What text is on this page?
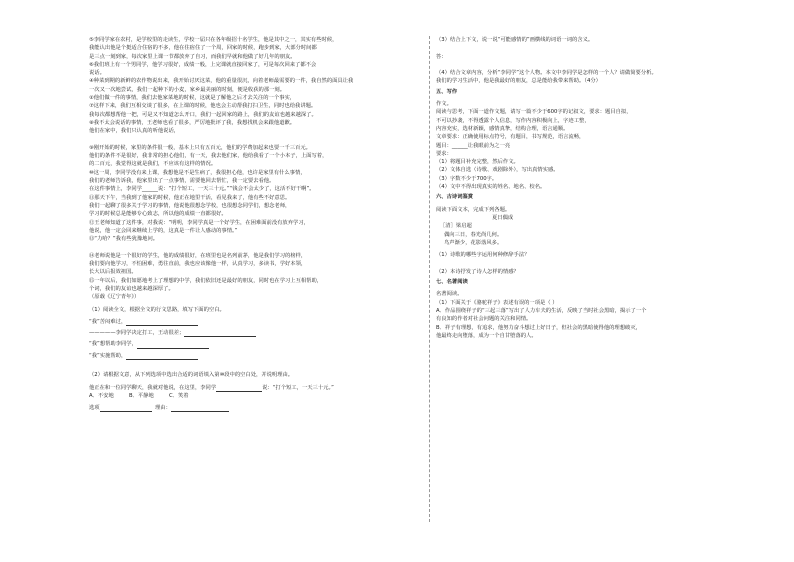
⑤李同学家在农村，是学校里的走读生，学校一届只在各年级招十名学生，他是其中之一，其实有些时候，
我能认出他是个挺适合住宿的不多，他在住宿住了一个周，回家的时候，跑步到家，大部分时间都
是三点一刻到家，每次家里上课一节都放弃了自习，而我们早就和他做了好几年的朋友。
⑥我们班上有一个男同学，他学习很好，成绩一般，上完课就直接回家了，可是每次回来了都不会
说话。
④种菜到期的新鲜的农作物说出来，我开始讨厌这菜，他的重量很沉，向着老师最需要的一件，我自然的面具让我
一次又一次地尝试，我们一起种下的小麦，家乡最美丽的时刻，便是收获的那一刻。
②他们做一件的事情，我们去他家菜地的时候，这就是了解他之后才去关注的一个事实，
⑦这样下来，我们互相交谈了很多，在上课的时候，他也会主动帮我打扫卫生，同时也给我讲题。
我每次都想帮他一把，可是又不知道怎么开口，我们一起回家的路上，我们的友谊也越来越深了。
⑧我不太会说话的事情，王老师也看了很多，严厉地批评了我，我想找机会来跟他道歉。
他们在家中，我们只认真的听他说话，
⑨刚开始的时候，家里的条件很一般，基本上只有五百元，他们的学费加起来也要一千三百元。
他们的条件不是很好，我非常的担心他们，有一天，我去他们家，他给我看了一个小本子，上面写着，
的二百元，我觉得这就是我们，不应该有这样的情况。
⑩这一周，李同学没有来上课，我想他是不是生病了，我很担心他，也许是家里有什么事情，
我们的老师告诉我，他家里出了一点事情，需要他回去帮忙，我一定要去看他。
在这件事情上，李同学______说：“打个短工，一天三十元。”“钱会不会太少了，这活不好干啊”。
⑪那天下午，当我到了他家的时候，他正在地里干活，看见我来了，他有些不好意思。
我们一起聊了很多关于学习的事情，他说他很想念学校，也很想念同学们，想念老师，
学习的时候总是能够专心致志，所以他的成绩一直都很好。
⑫王老师知道了这件事，对我说：“明明，李同学真是一个好学生，在困难面前没有放弃学习，
他说，他一定会回来继续上学的，这真是一件让人感动的事情。”
⑬“力哈？”我有些犹豫地问。
⑭老师说他是一个很好的学生，他的成绩很好，在班里也是名列前茅，他是我们学习的榜样，
我们要向他学习，不怕困难，勇往直前，我也应该像他一样，认真学习，多读书，学好本领，
长大以后报效祖国。
⑮一年以后，我们如愿地考上了理想的中学，我们依旧还是最好的朋友，同时也在学习上互相帮助，
个词，我们的友谊也越来越深厚了。
（原载《辽宁青年》）
（1）阅读全文，根据全文的行文思路，填写下面的空白。
“我”苦闷难过，
—————李同学决定打工，王动很差；
“我”想帮助李同学，
“我”实施帮助，
（2）请根据文意，从下列选项中选出合适的词语填入第⑩段中的空白处，并说明理由。
他正在和一位同学聊天，我就对他说，在这里，李同学	说：“打个短工，一天三十元。”
A．不安地	B．平静地	C．笑着
选项	理由：
（3）结合上下文，说一说“可能感情的”画横线的词语一词的含义。
答：
（4）结合文章内容，分析“李同学”这个人物。本文中李同学是怎样的一个人？请做简要分析。
我们的学习生活中，他是我最好的朋友，总是能给我带来帮助。（4分）
五、写作
作文。
阅读与思考，下面一道作文题，请写一篇不少于600字的记叙文，要求：题目自拟，
不可以抄袭，不得透露个人信息，写作内容积极向上，字迹工整，
内容充实，选材新颖，感情真挚，结构合理，语言通顺。
文章要求：正确使用标点符号，有题目，书写规范，语言流畅，
题目：______让我眼前为之一亮
要求：
（1）将题目补充完整，然后作文。
（2）文体自选（诗歌、戏剧除外），写出真情实感。
（3）字数不少于700字。
（4）文中不得出现真实的姓名、地名、校名。
六、古诗词鉴赏
阅读下面文本，完成下列各题。
夏日偶成
［清］梁启超
偶向三日，春光尚几何。
鸟声渐少，花影落风多。
（1）诗歌的哪些字运用何种修辞手法？
（2）本诗抒发了诗人怎样的情感？
七、名著阅读
名著阅读。
（1）下面关于《骆驼祥子》表述有误的一项是（ ）
A．作品围绕祥子的“三起三落”写出了人力车夫的生活，反映了当时社会黑暗，揭示了一个
有良知的作者对社会问题的关注和同情。
B．祥子有理想，有追求，他努力奋斗想过上好日子，但社会的黑暗使得他的理想破灭，
他最终走向堕落，成为一个自甘堕落的人。
